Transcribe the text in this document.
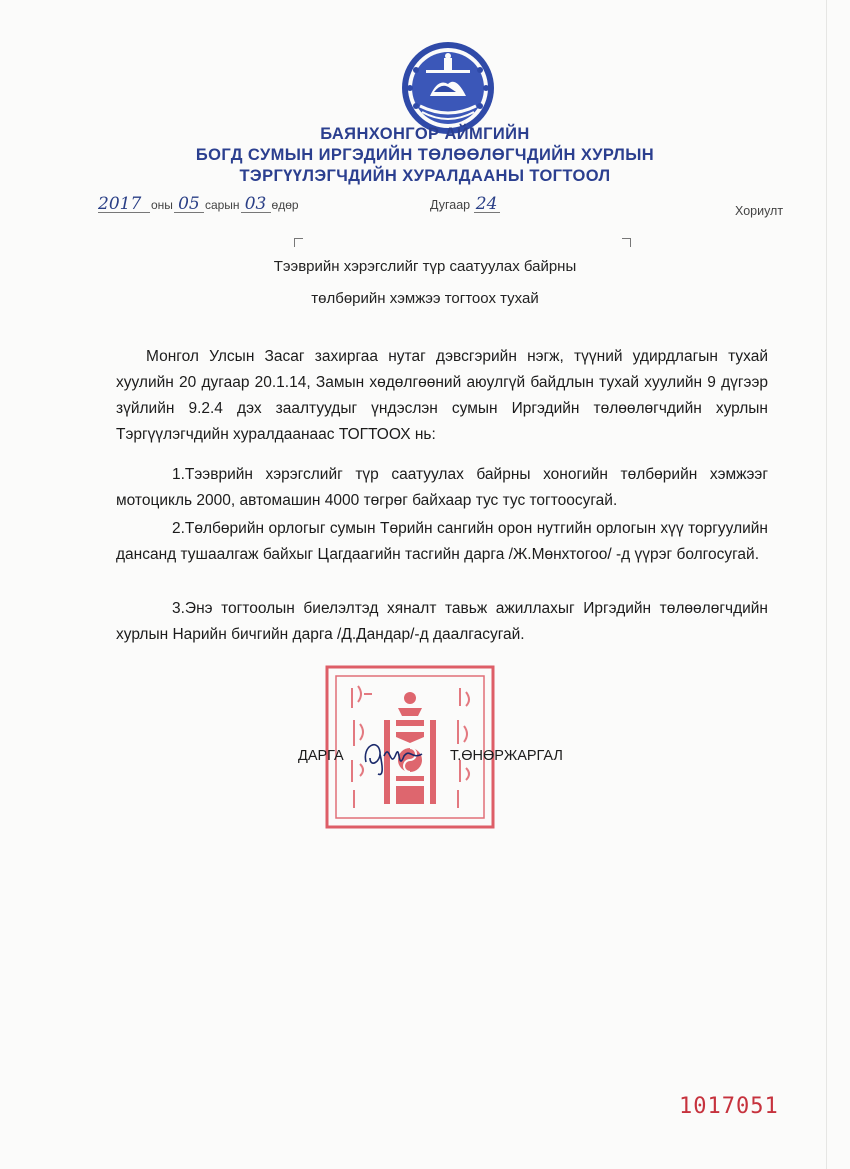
БАЯНХОНГОР АЙМГИЙН
БОГД СУМЫН ИРГЭДИЙН ТӨЛӨӨЛӨГЧДИЙН ХУРЛЫН
ТЭРГҮҮЛЭГЧДИЙН ХУРАЛДААНЫ ТОГТООЛ
2017 оны 05 сарын 03 өдөр	Дугаар 24	Хориулт
Тээврийн хэрэгслийг түр саатуулах байрны
төлбөрийн хэмжээ тогтоох тухай
Монгол Улсын Засаг захиргаа нутаг дэвсгэрийн нэгж, түүний удирдлагын тухай хуулийн 20 дугаар 20.1.14, Замын хөдөлгөөний аюулгүй байдлын тухай хуулийн 9 дүгээр зүйлийн 9.2.4 дэх заалтуудыг үндэслэн сумын Иргэдийн төлөөлөгчдийн хурлын Тэргүүлэгчдийн хуралдаанаас ТОГТООХ нь:
1.Тээврийн хэрэгслийг түр саатуулах байрны хоногийн төлбөрийн хэмжээг мотоцикль 2000, автомашин 4000 төгрөг байхаар тус тус тогтоосугай.
2.Төлбөрийн орлогыг сумын Төрийн сангийн орон нутгийн орлогын хүү торгуулийн дансанд тушаалгаж байхыг Цагдаагийн тасгийн дарга /Ж.Мөнхтогоо/ -д үүрэг болгосугай.
3.Энэ тогтоолын биелэлтэд хяналт тавьж ажиллахыг Иргэдийн төлөөлөгчдийн хурлын Нарийн бичгийн дарга /Д.Дандар/-д даалгасугай.
ДАРГА	Т.ӨНӨРЖАРГАЛ
1017051
